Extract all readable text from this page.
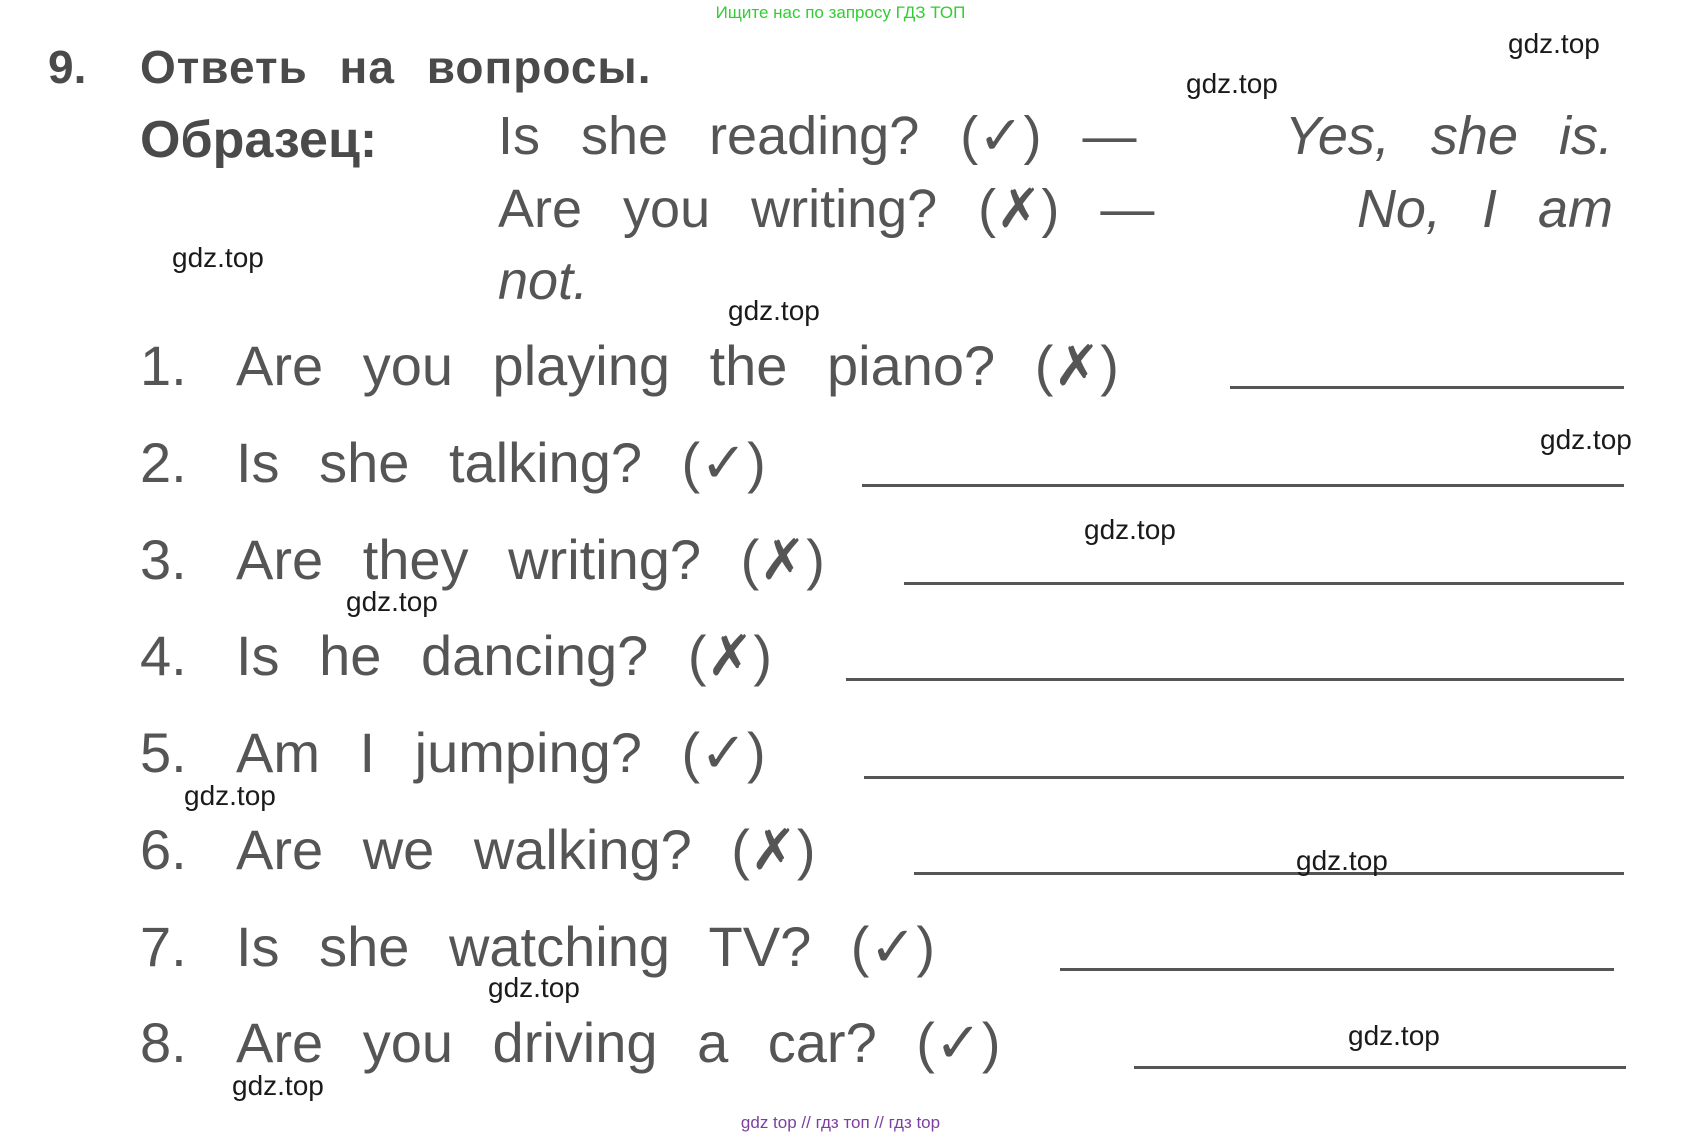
Ищите нас по запросу ГДЗ ТОП
9. Ответь на вопросы.
Образец: Is she reading? (✓) —	Yes, she is.
Are you writing? (✗) —	No, I am
not.
1. Are you playing the piano? (✗)
2. Is she talking? (✓)
3. Are they writing? (✗)
4. Is he dancing? (✗)
5. Am I jumping? (✓)
6. Are we walking? (✗)
7. Is she watching TV? (✓)
8. Are you driving a car? (✓)
gdz.top
gdz.top
gdz.top
gdz.top
gdz.top
gdz.top
gdz.top
gdz.top
gdz.top
gdz.top
gdz.top
gdz.top
gdz top // гдз топ // гдз top
